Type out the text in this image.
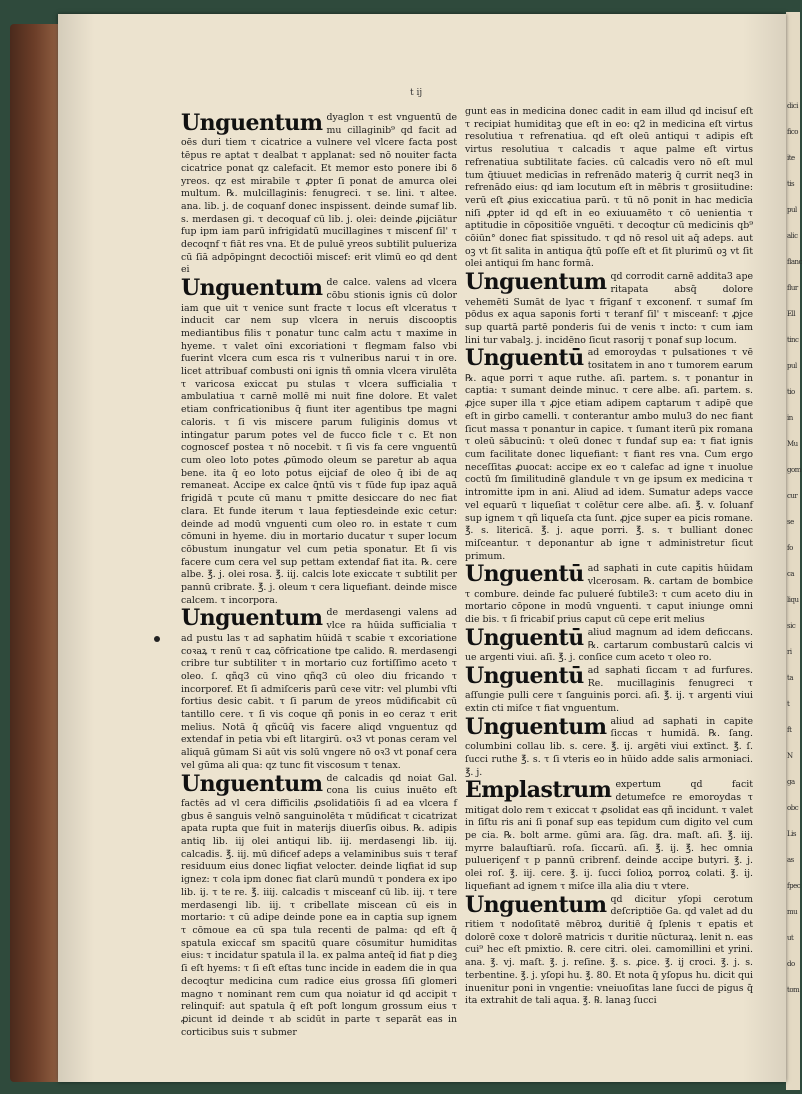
dici
fico
ite
tis
pul
alic
flanc
flur
Ell
tinc
pul
tio
in
Mu
gom
cur
se
fo
ca
liqu
sic
ri
ta
t
ft
N
ga
obc
Lis
as
fpec
mu
ut
do
tom
t ij
Unguentum dyaglon τ est vnguentū de mu cillaginib⁹ qd facit ad oēs duri tiem τ cicatrice a vulnere vel vlcere facta post tēpus re aptat τ dealbat τ applanat: sed nō nouiter facta cicatrice ponat qz calefacit. Et memor esto ponere ibi δ yreos. qz est mirabile τ ꝓpter ſi ponat de amurca olei multum. ℞. mulcillaginis: fenugreci. τ se. lini. τ altee. ana. lib. j. de coquanf donec inspissent. deinde sumaf lib. s. merdasen gi. τ decoquaf cū lib. j. olei: deinde ꝓijciātur fup ipm iam parū infrigidatū mucillagines τ miscenf ſil' τ decoqnf τ fiāt res vna. Et de puluē yreos subtilit pulueriza cū ſiā adpōpingnt decoctiōi miscef: erit vlimū eo qd dent ei

Unguentum de calce. valens ad vlcera cōbu stionis ignis cū dolor iam que uit τ venice sunt fracte τ locus eſt vlceratus τ inducit car nem sup vlcera in neruis discooptis mediantibus filis τ ponatur tunc calm actu τ maxime in hyeme. τ valet oīni excoriationi τ flegmam falso vbi fuerint vlcera cum esca ris τ vulneribus narui τ in ore. licet attribuaf combusti oni ignis tñ omnia vlcera virulēta τ varicosa exiccat pu stulas τ vlcera sufficialia τ ambulatiua τ carnē mollē mi nuit fine dolore. Et valet etiam confricationibus q̄ fiunt iter agentibus tpe magni caloris. τ ſi vis miscere parum fuliginis domus vt intingatur parum potes vel de fucco ficle τ c. Et non cognoscef postea τ nō nocebit. τ ſi vis fa cere vnguentū cum oleo loto potes ꝓūmodo oleum se paretur ab aqua bene. ita q̄ eo loto potus eijciaf de oleo q̄ ibi de aq remaneat. Accipe ex calce q̄ntū vis τ fūde fup ipaz aquā frigidā τ pcute cū manu τ pmitte desiccare do nec fiat clara. Et funde iterum τ laua feptiesdeinde exic cetur: deinde ad modū vnguenti cum oleo ro. in estate τ cum cōmuni in hyeme. diu in mortario ducatur τ super locum cōbustum inungatur vel cum petia sponatur. Et ſi vis facere cum cera vel sup pettam extendaf fiat ita. ℞. cere albe. ℥. j. olei rosa. ℥. iij. calcis lote exiccate τ subtilit per pannū cribrate. ℥. j. oleum τ cera liquefiant. deinde misce calcem. τ incorpora.

Unguentum de merdasengi valens ad vlce ra hūida sufficialia τ ad pustu las τ ad saphatim hūidā τ scabie τ excoriatione coꝛaꝝ τ renū τ caꝝ cōfricatione tpe calido. ℞. merdasengi cribre tur subtiliter τ in mortario cuz fortiſſimo aceto τ oleo. ſ. qñq3 cū vino qñq3 cū oleo diu fricando τ incorporef. Et ſi admiſceris parū ceꝛe vitr: vel plumbi vſti fortius desic cabit. τ ſi parum de yreos mūdificabit cū tantillo cere. τ ſi vis coque qñ ponis in eo ceraz τ erit melius. Notā q̄ qñcūq̄ vis facere aliqd vnguentuz qd extendaf in petia vbi eſt litargirū. oꝛ3 vt ponas ceram vel aliquā gūmam Si aūt vis solū vngere nō oꝛ3 vt ponaf cera vel gūma ali qua: qz tunc fit viscosum τ tenax.

Unguentum de calcadis qd noiat Gal. cona lis cuius inuēto eſt factēs ad vl cera difficilis ꝓsolidatiōis ſi ad ea vlcera f gbus ē sanguis velnō sanguinolēta τ mūdificat τ cicatrizat apata rupta que fuit in materijs diuerſis oibus. ℞. adipis antiq lib. iij olei antiqui lib. iij. merdasengi lib. iij. calcadis. ℥. iij. mū dificef adeps a velaminibus suis τ teraf residuum eius donec liqfiat velocter. deinde liqfiat id sup ignez: τ cola ipm donec fiat clarū mundū τ pondera ex ipo lib. ij. τ te re. ℥. iiij. calcadis τ misceanf cū lib. iij. τ tere merdasengi lib. iij. τ cribellate miscean cū eis in mortario: τ cū adipe deinde pone ea in captia sup ignem τ cōmoue ea cū spa tula recenti de palma: qd eſt q̄ spatula exiccaf sm spacitū quare cōsumitur humiditas eius: τ incidatur spatula il la. ex palma anteq̄ id fiat p dieꝫ ſi eſt hyems: τ ſi eſt eſtas tunc incide in eadem die in qua decoqtur medicina cum radice eius grossa ſiſi glomeri magno τ nominant rem cum qua noiatur id qd accipit τ relinquif: aut spatula q̄ eſt poſt longum grossum eius τ ꝓicunt id deinde τ ab scidūt in parte τ separāt eas in corticibus suis τ submer

gunt eas in medicina donec cadit in eam illud qd incisuſ eſt τ recipiat humiditaꝫ que eſt in eo: q2 in medicina eſt virtus resolutiua τ refrenatiua. qd eſt oleū antiqui τ adipis eſt virtus resolutiua τ calcadis τ aque palme eſt virtus refrenatiua subtilitate facies. cū calcadis vero nō eſt mul tum q̄tiuuet medicīas in refrenādo materiꝫ q̄ currit neq3 in refrenādo eius: qd iam locutum eſt in mēbris τ grosiitudine: verū eſt ꝓius exiccatiua parū. τ tū nō ponit in hac medicīa niſi ꝓpter id qd eſt in eo exiuuamēto τ cō uenientia τ aptitudie in cōpositiōe vnguēti. τ decoqtur cū medicinis qb⁹ cōiūn° donec fiat spissitudo. τ qd nō resol uit aq̄ adeps. aut oꝫ vt ſit salita in antiqua q̄tū poſſe eſt et ſit plurimū oꝫ vt ſit olei antiqui ſm hanc formā.

Unguentum qd corrodit carnē addita3 ape ritapata absq̄ dolore vehemēti Sumāt de lyac τ frīganf τ exconenf. τ sumaf ſm pōdus ex aqua saponis forti τ teranf ſil' τ misceanf: τ ꝓjce sup quartā partē ponderis ſui de venis τ incto: τ cum iam lini tur vabalꝫ. j. incidēno ſicut rasorij τ ponaf sup locum.

Unguentū ad emoroydas τ pulsationes τ vē tositatem in ano τ tumorem earum ℞. aque porri τ aque ruthe. aſi. partem. s. τ ponantur in captia: τ sumant deinde minuc. τ cere albe. aſi. partem. s. ꝓjce super illa τ ꝓjce etiam adipem captarum τ adipē que eſt in girbo camelli. τ conterantur ambo mulu3 do nec fiant ſicut massa τ ponantur in capice. τ ſumant iterū pix romana τ oleū sābucinū: τ oleū donec τ fundaf sup ea: τ fiat ignis cum facilitate donec liquefiant: τ fiant res vna. Cum ergo neceſſitas ꝓuocat: accipe ex eo τ calefac ad igne τ inuolue coctū ſm ſimilitudinē glandule τ vn ge ipsum ex medicina τ intromitte ipm in ani. Aliud ad idem. Sumatur adeps vacce vel equarū τ liqueſiat τ colētur cere albe. aſi. ℥. v. ſoluanf sup ignem τ qñ liqueſa cta ſunt. ꝓjce super ea picis romane. ℥. s. litericā. ℥. j. aque porri. ℥. s. τ bulliant donec miſceantur. τ deponantur ab igne τ administretur ſicut primum.

Unguentū ad saphati in cute capitis hūidam vlcerosam. ℞. cartam de bombice τ combure. deinde fac pulueré ſubtile3: τ cum aceto diu in mortario cōpone in modū vnguenti. τ caput iniunge omni die bis. τ ſi fricabiſ prius caput cū cepe erit melius

Unguentū aliud magnum ad idem deficcans. ℞. cartarum combustarū calcis vi ue argenti viui. aſi. ℥. j. conſice cum aceto τ oleo ro.

Unguentū ad saphati ſiccam τ ad furfures. Re. mucillaginis fenugreci τ aſſungie pulli cere τ ſanguinis porci. aſi. ℥. ij. τ argenti viui extin cti miſce τ fiat vnguentum.

Unguentum aliud ad saphati in capite ſiccas τ humidā. ℞. ſang. columbini collau lib. s. cere. ℥. ij. argēti viui extīnct. ℥. ſ. ſucci ruthe ℥. s. τ ſi vteris eo in hūido adde salis armoniaci. ℥. j.

Emplastrum expertum qd facit detumefce re emoroydas τ mitigat dolo rem τ exiccat τ ꝓsolidat eas qñ incidunt. τ valet in ſiſtu ris ani ſi ponaf sup eas tepidum cum digito vel cum pe cia. ℞. bolt arme. gūmi ara. ſāg. dra. maſt. aſi. ℥. iij. myrre balauſtiarū. roſa. ſiccarū. aſi. ℥. ij. ℥. hec omnia pulueriçenf τ p pannū cribrenf. deinde accipe butyri. ℥. j. olei roſ. ℥. iij. cere. ℥. ij. ſucci ſolioꝝ porroꝝ colati. ℥. ij. liquefiant ad ignem τ miſce illa alia diu τ vtere.

Unguentum qd dicitur yſopi cerotum deſcriptiōe Ga. qd valet ad du ritiem τ nodoſitatē mēbroꝝ duritiē q̄ ſplenis τ epatis et dolorē coxe τ dolorē matricis τ duritie nūcturaꝝ. lenit n. eas cui⁹ hec eſt pmixtio. ℞. cere citri. olei. camomillini et yrini. ana. ℥. vj. maſt. ℥. j. reſine. ℥. s. ꝓice. ℥. ij croci. ℥. j. s. terbentine. ℥. j. yſopi hu. ℥. 80. Et nota q̄ yſopus hu. dicit qui inuenitur poni in vngentie: vneiuoſitas lane ſucci de pigus q̄ ita extrahit de tali aqua. ℥. ℞. lanaꝫ ſucci
